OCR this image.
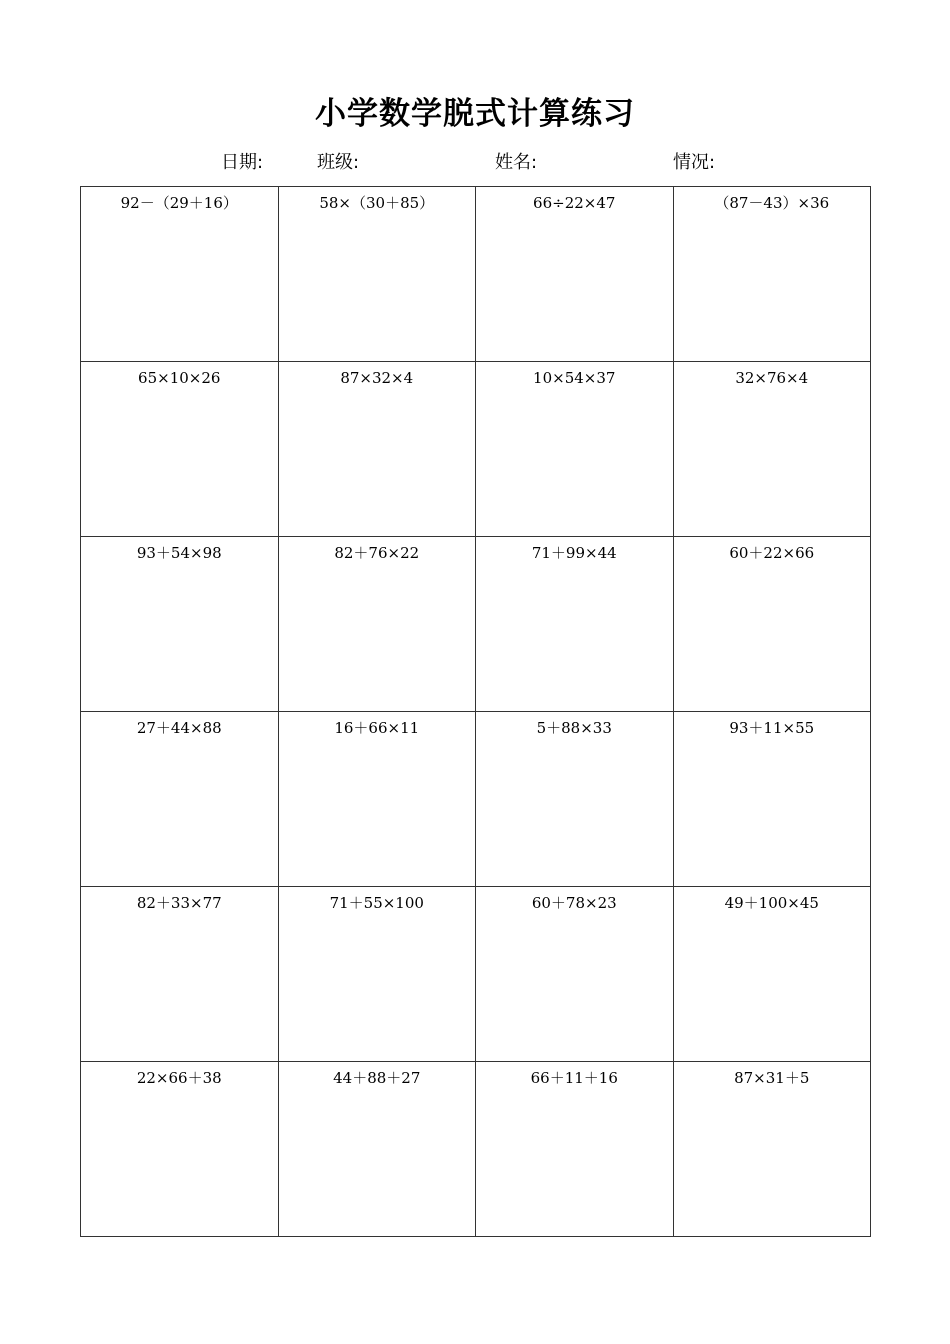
小学数学脱式计算练习
日期:	班级:	姓名:	情况:
92－（29＋16）	58×（30＋85）	66÷22×47	（87－43）×36
65×10×26	87×32×4	10×54×37	32×76×4
93＋54×98	82＋76×22	71＋99×44	60＋22×66
27＋44×88	16＋66×11	5＋88×33	93＋11×55
82＋33×77	71＋55×100	60＋78×23	49＋100×45
22×66＋38	44＋88＋27	66＋11＋16	87×31＋5
